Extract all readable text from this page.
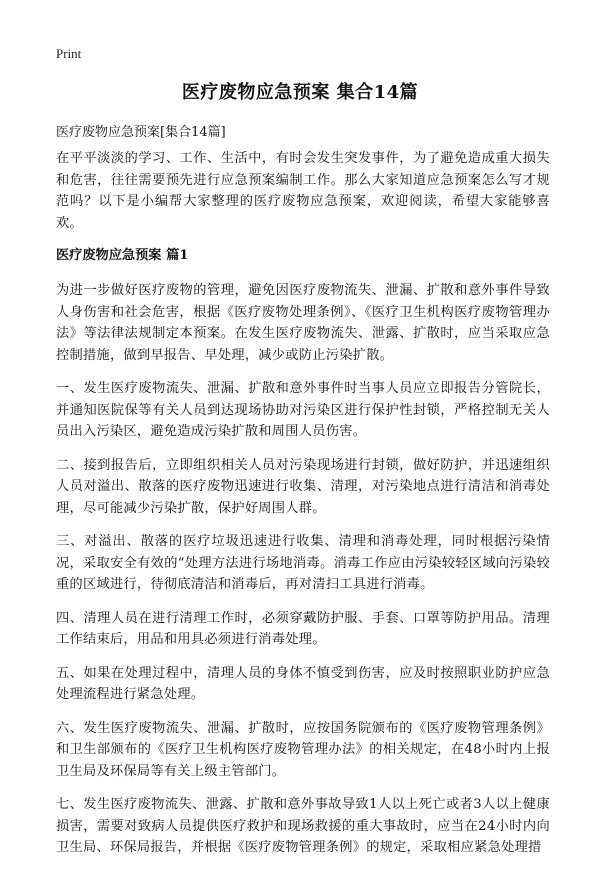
Print
医疗废物应急预案 集合14篇

医疗废物应急预案[集合14篇]

在平平淡淡的学习、工作、生活中，有时会发生突发事件，为了避免造成重大损失和危害，往往需要预先进行应急预案编制工作。那么大家知道应急预案怎么写才规范吗？以下是小编帮大家整理的医疗废物应急预案，欢迎阅读，希望大家能够喜欢。

医疗废物应急预案 篇1

为进一步做好医疗废物的管理，避免因医疗废物流失、泄漏、扩散和意外事件导致人身伤害和社会危害，根据《医疗废物处理条例》、《医疗卫生机构医疗废物管理办法》等法律法规制定本预案。在发生医疗废物流失、泄露、扩散时，应当采取应急控制措施，做到早报告、早处理，减少或防止污染扩散。

一、发生医疗废物流失、泄漏、扩散和意外事件时当事人员应立即报告分管院长，并通知医院保等有关人员到达现场协助对污染区进行保护性封锁，严格控制无关人员出入污染区，避免造成污染扩散和周围人员伤害。

二、接到报告后，立即组织相关人员对污染现场进行封锁，做好防护，并迅速组织人员对溢出、散落的医疗废物迅速进行收集、清理，对污染地点进行清洁和消毒处理，尽可能减少污染扩散，保护好周围人群。

三、对溢出、散落的医疗垃圾迅速进行收集、清理和消毒处理，同时根据污染情况，采取安全有效的“处理方法进行场地消毒。消毒工作应由污染较轻区域向污染较重的区域进行，待彻底清洁和消毒后，再对清扫工具进行消毒。

四、清理人员在进行清理工作时，必须穿戴防护服、手套、口罩等防护用品。清理工作结束后，用品和用具必须进行消毒处理。

五、如果在处理过程中，清理人员的身体不慎受到伤害，应及时按照职业防护应急处理流程进行紧急处理。

六、发生医疗废物流失、泄漏、扩散时，应按国务院颁布的《医疗废物管理条例》和卫生部颁布的《医疗卫生机构医疗废物管理办法》的相关规定，在48小时内上报卫生局及环保局等有关上级主管部门。

七、发生医疗废物流失、泄露、扩散和意外事故导致1人以上死亡或者3人以上健康损害，需要对致病人员提供医疗救护和现场救援的重大事故时，应当在24小时内向卫生局、环保局报告，并根据《医疗废物管理条例》的规定，采取相应紧急处理措
